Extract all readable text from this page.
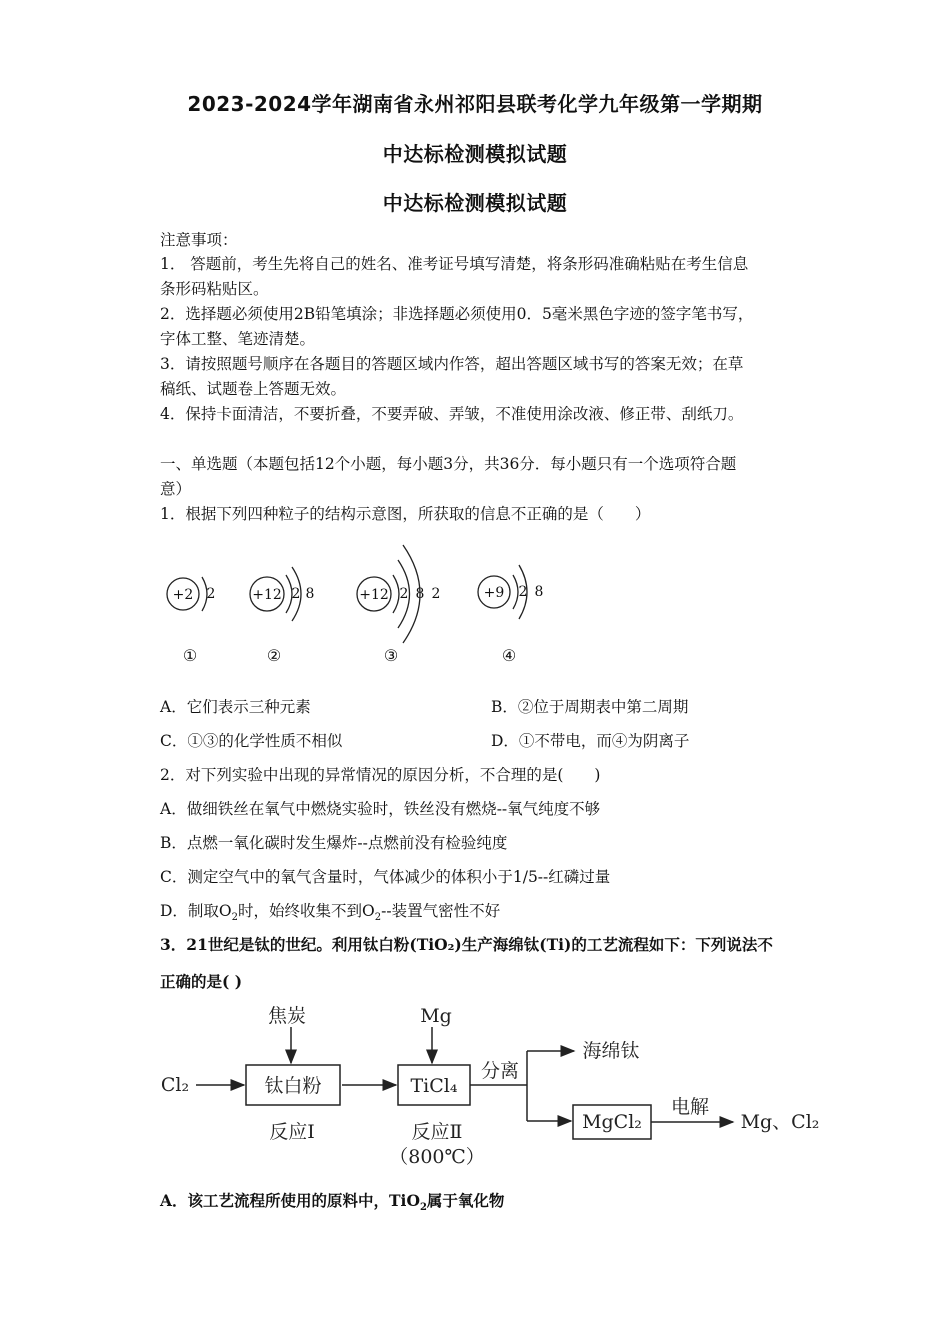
2023-2024学年湖南省永州祁阳县联考化学九年级第一学期期
中达标检测模拟试题
中达标检测模拟试题
注意事项：
1． 答题前，考生先将自己的姓名、准考证号填写清楚，将条形码准确粘贴在考生信息
条形码粘贴区。
2．选择题必须使用2B铅笔填涂；非选择题必须使用0．5毫米黑色字迹的签字笔书写，
字体工整、笔迹清楚。
3．请按照题号顺序在各题目的答题区域内作答，超出答题区域书写的答案无效；在草
稿纸、试题卷上答题无效。
4．保持卡面清洁，不要折叠，不要弄破、弄皱，不准使用涂改液、修正带、刮纸刀。
一、单选题（本题包括12个小题，每小题3分，共36分．每小题只有一个选项符合题
意）
1．根据下列四种粒子的结构示意图，所获取的信息不正确的是（　　）
+2 2	+12 2 8	+12 2 8 2	+9 2 8
①	②	③	④
A．它们表示三种元素	B．②位于周期表中第二周期
C．①③的化学性质不相似	D．①不带电，而④为阴离子
2．对下列实验中出现的异常情况的原因分析，不合理的是(　　)
A．做细铁丝在氧气中燃烧实验时，铁丝没有燃烧--氧气纯度不够
B．点燃一氧化碳时发生爆炸--点燃前没有检验纯度
C．测定空气中的氧气含量时，气体减少的体积小于1/5--红磷过量
D．制取$O_2$时，始终收集不到$O_2--$装置气密性不好
3．21世纪是钛的世纪。利用钛白粉(TiO₂)生产海绵钛(Ti)的工艺流程如下：下列说法不
正确的是( )
焦炭	Mg
Cl₂	钛白粉	TiCl₄
反应Ⅰ	反应Ⅱ
（800℃）
分离
海绵钛
MgCl₂
电解
Mg、Cl₂
A．该工艺流程所使用的原料中，TiO$_2$属于氧化物
